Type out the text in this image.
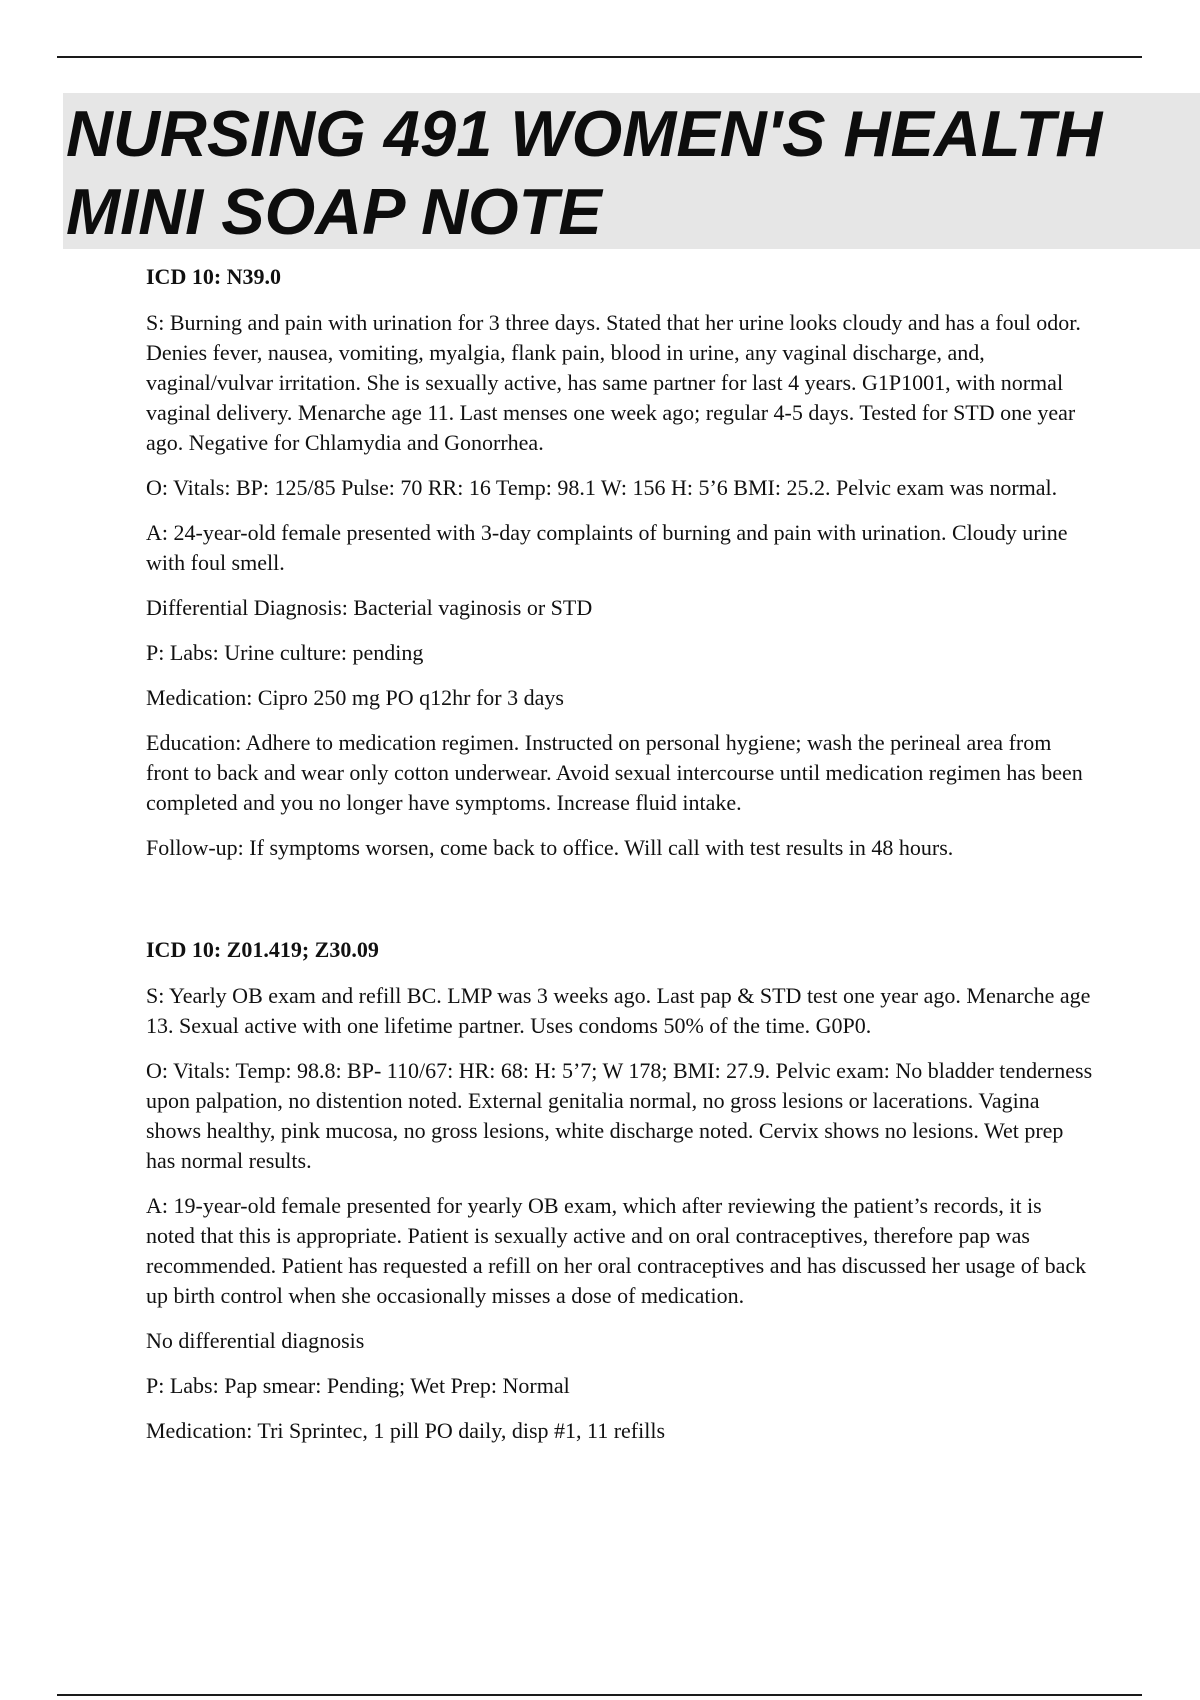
NURSING 491 WOMEN'S HEALTH
MINI SOAP NOTE

ICD 10: N39.0

S: Burning and pain with urination for 3 three days. Stated that her urine looks cloudy and has a foul odor. Denies fever, nausea, vomiting, myalgia, flank pain, blood in urine, any vaginal discharge, and, vaginal/vulvar irritation. She is sexually active, has same partner for last 4 years. G1P1001, with normal vaginal delivery. Menarche age 11. Last menses one week ago; regular 4-5 days. Tested for STD one year ago. Negative for Chlamydia and Gonorrhea.

O: Vitals: BP: 125/85 Pulse: 70 RR: 16 Temp: 98.1 W: 156 H: 5’6 BMI: 25.2. Pelvic exam was normal.

A: 24-year-old female presented with 3-day complaints of burning and pain with urination. Cloudy urine with foul smell.

Differential Diagnosis: Bacterial vaginosis or STD

P: Labs: Urine culture: pending

Medication: Cipro 250 mg PO q12hr for 3 days

Education: Adhere to medication regimen. Instructed on personal hygiene; wash the perineal area from front to back and wear only cotton underwear. Avoid sexual intercourse until medication regimen has been completed and you no longer have symptoms. Increase fluid intake.

Follow-up: If symptoms worsen, come back to office. Will call with test results in 48 hours.

ICD 10: Z01.419; Z30.09

S: Yearly OB exam and refill BC. LMP was 3 weeks ago. Last pap & STD test one year ago. Menarche age 13. Sexual active with one lifetime partner. Uses condoms 50% of the time. G0P0.

O: Vitals: Temp: 98.8: BP- 110/67: HR: 68: H: 5’7; W 178; BMI: 27.9. Pelvic exam: No bladder tenderness upon palpation, no distention noted. External genitalia normal, no gross lesions or lacerations. Vagina shows healthy, pink mucosa, no gross lesions, white discharge noted. Cervix shows no lesions. Wet prep has normal results.

A: 19-year-old female presented for yearly OB exam, which after reviewing the patient’s records, it is noted that this is appropriate. Patient is sexually active and on oral contraceptives, therefore pap was recommended. Patient has requested a refill on her oral contraceptives and has discussed her usage of back up birth control when she occasionally misses a dose of medication.

No differential diagnosis

P: Labs: Pap smear: Pending; Wet Prep: Normal

Medication: Tri Sprintec, 1 pill PO daily, disp #1, 11 refills
